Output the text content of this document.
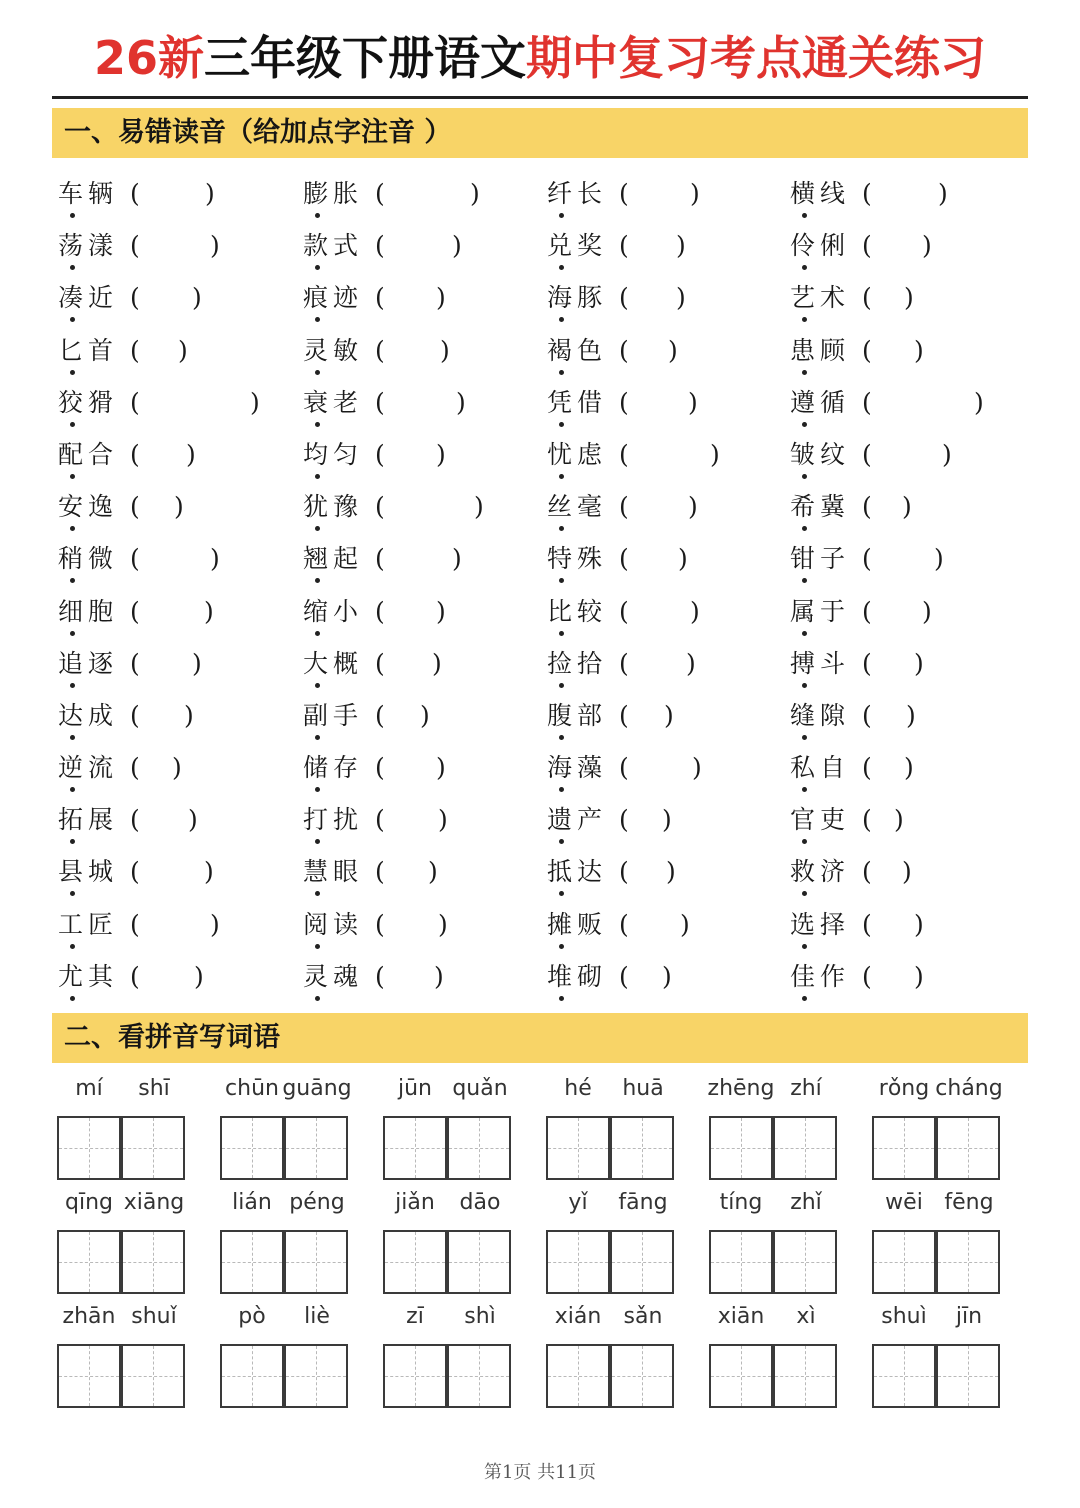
26新三年级下册语文期中复习考点通关练习
一、易错读音（给加点字注音 ）
车辆 ( )	膨胀 (	) 纤长 ( )	横线 ( )
荡漾 (	)	款式 ( )	兑奖 ( )	伶俐 ( )
凑近 ( )	痕迹 ( )	海豚 ( )	艺术 ( )
匕首 ( )	灵敏 ( )	褐色 ( )	患顾 ( )
狡猾 (	) 衰老 (	)	凭借 ( )	遵循 (	)
配合 ( )	均匀 ( )	忧虑 (	)	皱纹 (	)
安逸 ( )	犹豫 (	) 丝毫 ( )	希冀 ( )
稍微 (	)	翘起 ( )	特殊 ( )	钳子 ( )
细胞 ( )	缩小 ( )	比较 ( )	属于 ( )
追逐 ( )	大概 ( )	捡拾 ( )	搏斗 ( )
达成 ( )	副手 ( )	腹部 ( )	缝隙 ( )
逆流 ( )	储存 ( )	海藻 ( )	私自 ( )
拓展 ( )	打扰 ( )	遗产 ( )	官吏 ( )
县城 ( )	慧眼 ( )	抵达 ( )	救济 ( )
工匠 (	)	阅读 ( )	摊贩 ( )	选择 ( )
尤其 ( )	灵魂 ( )	堆砌 ( )	佳作 ( )
二、看拼音写词语
mí	shī	chūn guāng	jūn quǎn	hé	huā	zhēng zhí	rǒng cháng
qīng xiāng	lián péng	jiǎn	dāo	yǐ	fāng	tíng	zhǐ	wēi fēng
zhān shuǐ	pò	liè	zī	shì	xián	sǎn	xiān	xì	shuì	jīn
第1页 共11页
